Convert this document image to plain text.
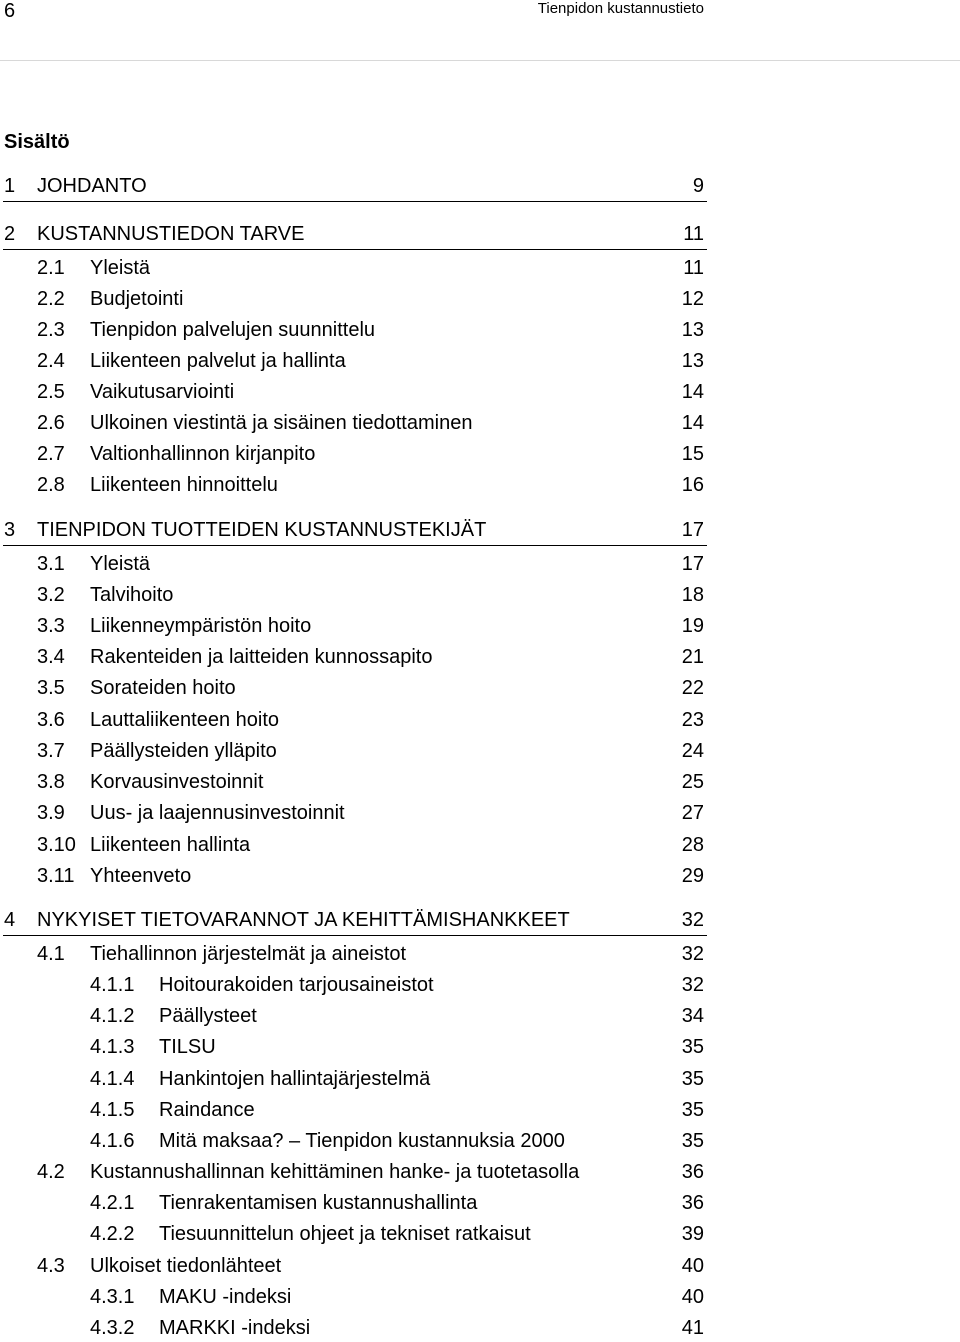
6	Tienpidon kustannustieto
Sisältö
1 JOHDANTO	9
2 KUSTANNUSTIEDON TARVE	11
2.1 Yleistä	11
2.2 Budjetointi	12
2.3 Tienpidon palvelujen suunnittelu	13
2.4 Liikenteen palvelut ja hallinta	13
2.5 Vaikutusarviointi	14
2.6 Ulkoinen viestintä ja sisäinen tiedottaminen	14
2.7 Valtionhallinnon kirjanpito	15
2.8 Liikenteen hinnoittelu	16
3 TIENPIDON TUOTTEIDEN KUSTANNUSTEKIJÄT	17
3.1 Yleistä	17
3.2 Talvihoito	18
3.3 Liikenneympäristön hoito	19
3.4 Rakenteiden ja laitteiden kunnossapito	21
3.5 Sorateiden hoito	22
3.6 Lauttaliikenteen hoito	23
3.7 Päällysteiden ylläpito	24
3.8 Korvausinvestoinnit	25
3.9 Uus- ja laajennusinvestoinnit	27
3.10 Liikenteen hallinta	28
3.11 Yhteenveto	29
4 NYKYISET TIETOVARANNOT JA KEHITTÄMISHANKKEET	32
4.1 Tiehallinnon järjestelmät ja aineistot	32
4.1.1 Hoitourakoiden tarjousaineistot	32
4.1.2 Päällysteet	34
4.1.3 TILSU	35
4.1.4 Hankintojen hallintajärjestelmä	35
4.1.5 Raindance	35
4.1.6 Mitä maksaa? – Tienpidon kustannuksia 2000	35
4.2 Kustannushallinnan kehittäminen hanke- ja tuotetasolla	36
4.2.1 Tienrakentamisen kustannushallinta	36
4.2.2 Tiesuunnittelun ohjeet ja tekniset ratkaisut	39
4.3 Ulkoiset tiedonlähteet	40
4.3.1 MAKU -indeksi	40
4.3.2 MARKKI -indeksi	41
